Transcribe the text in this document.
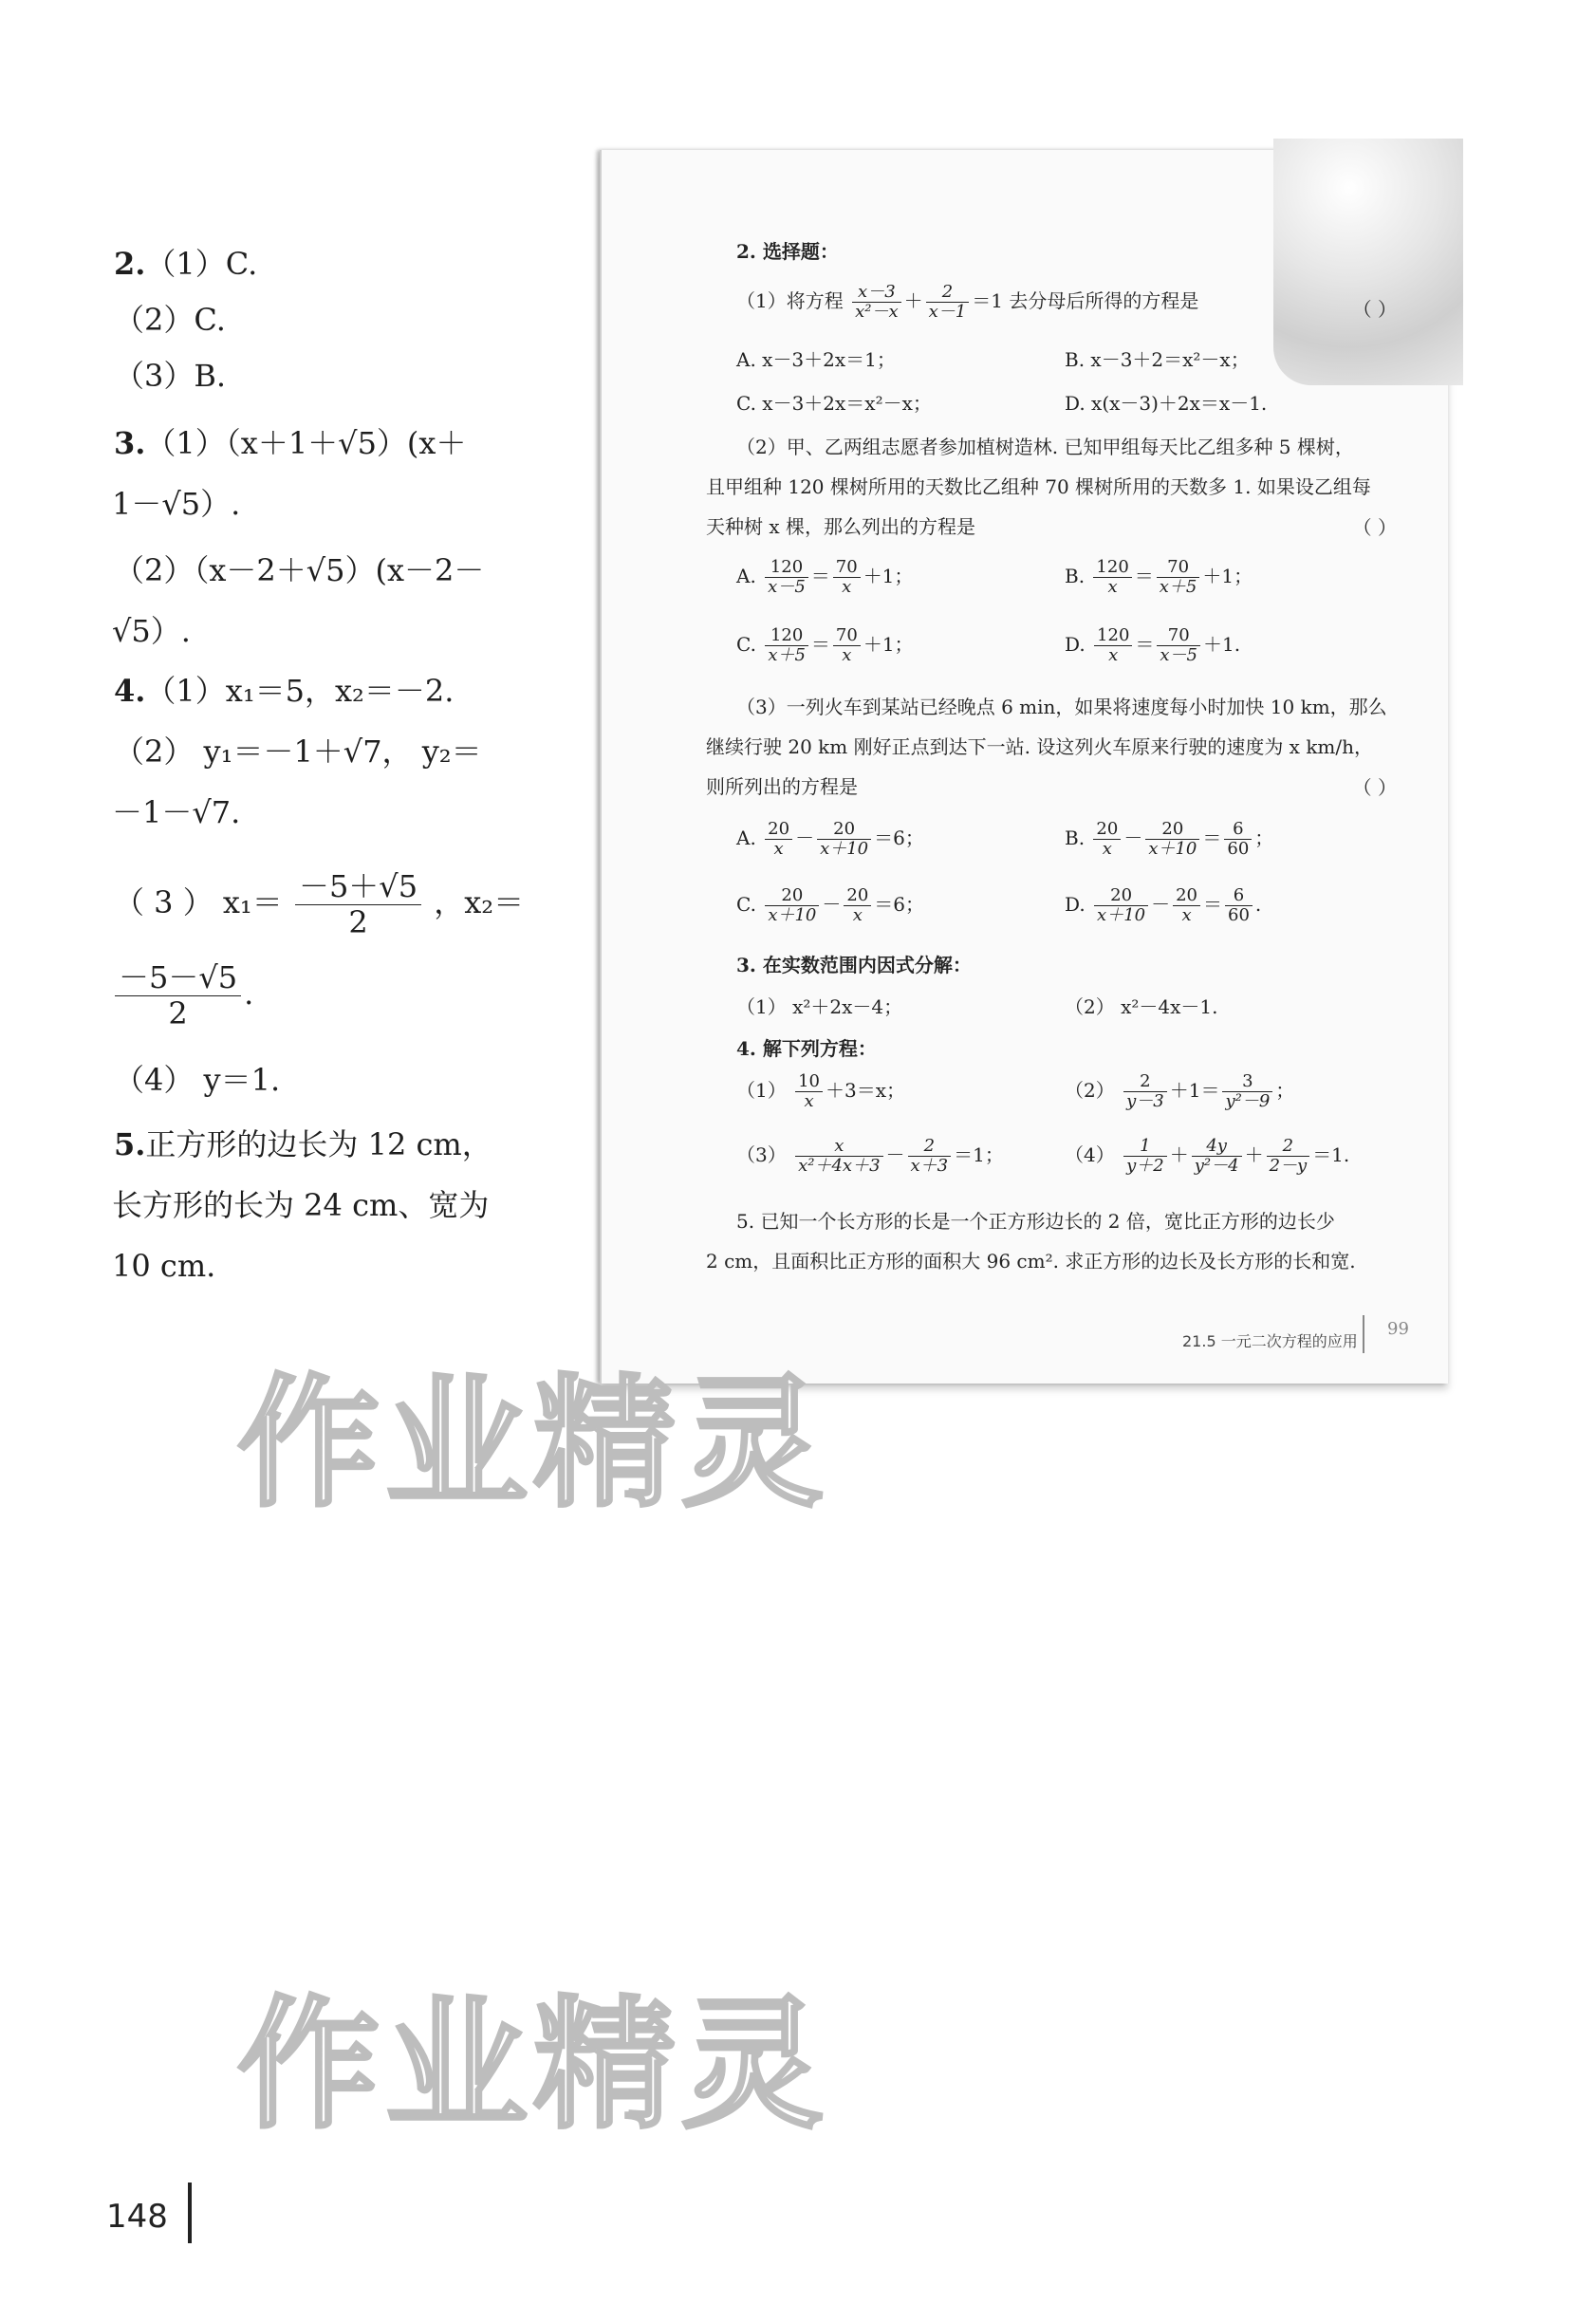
2.（1）C.
（2）C.
（3）B.
3.（1）（x＋1＋√5）(x＋
1－√5）.
（2）（x－2＋√5）(x－2－
√5）.
4.（1）x₁＝5，x₂＝－2.
（2） y₁＝－1＋√7， y₂＝
－1－√7.
（ 3 ） $x_1= \frac{-5+√5}{2}$ ，x₂＝
$\frac{-5-√5}{2}$ .
（4） y＝1.
5.正方形的边长为 12 cm，
长方形的长为 24 cm、宽为
10 cm.
2. 选择题：
（1）将方程 $\frac{x-3}{\text{x²－x}} + \frac{2}{x-1} =1$ 去分母后所得的方程是	（ ）
A. x－3＋2x＝1；	B. x－3＋2＝x²－x；
C. x－3＋2x＝x²－x；	D. x(x－3)＋2x＝x－1.
（2）甲、乙两组志愿者参加植树造林. 已知甲组每天比乙组多种 5 棵树，
且甲组种 120 棵树所用的天数比乙组种 70 棵树所用的天数多 1. 如果设乙组每
天种树 x 棵，那么列出的方程是	（ ）
A. $\frac{120}{x-5} = \frac{70}{x} +1$；	B. $\frac{120}{x} = \frac{70}{x+5} +1$；
C. $\frac{120}{x+5} = \frac{70}{x} +1$；	D. $\frac{120}{x} = \frac{70}{x-5} +1$.
（3）一列火车到某站已经晚点 6 min，如果将速度每小时加快 10 km，那么
继续行驶 20 km 刚好正点到达下一站. 设这列火车原来行驶的速度为 x km/h，
则所列出的方程是	（ ）
A. $\frac{20}{x} - \frac{20}{x+10} =6$；	B. $\frac{20}{x} - \frac{20}{x+10} = \frac{6}{60}$ ；
C. $\frac{20}{x+10} - \frac{20}{x} =6$；	D. $\frac{20}{x+10} - \frac{20}{x} = \frac{6}{60}$ .
3. 在实数范围内因式分解：
（1） x²＋2x－4；	（2） x²－4x－1.
4. 解下列方程：
$(1) \frac{10}{x} +3=x$；	$(2) \frac{2}{y-3} +1= \frac{3}{\text{y²－9}}$ ；
$(3) \frac{x}{\text{x²＋4x＋3}} - \frac{2}{x+3} =1$；	$(4) \frac{1}{y+2} + \frac{4y}{\text{y²－4}} + \frac{2}{2-y} =1$.
5. 已知一个长方形的长是一个正方形边长的 2 倍，宽比正方形的边长少
2 cm，且面积比正方形的面积大 96 cm². 求正方形的边长及长方形的长和宽.
21.5 一元二次方程的应用
99
作业精灵
作业精灵
148
